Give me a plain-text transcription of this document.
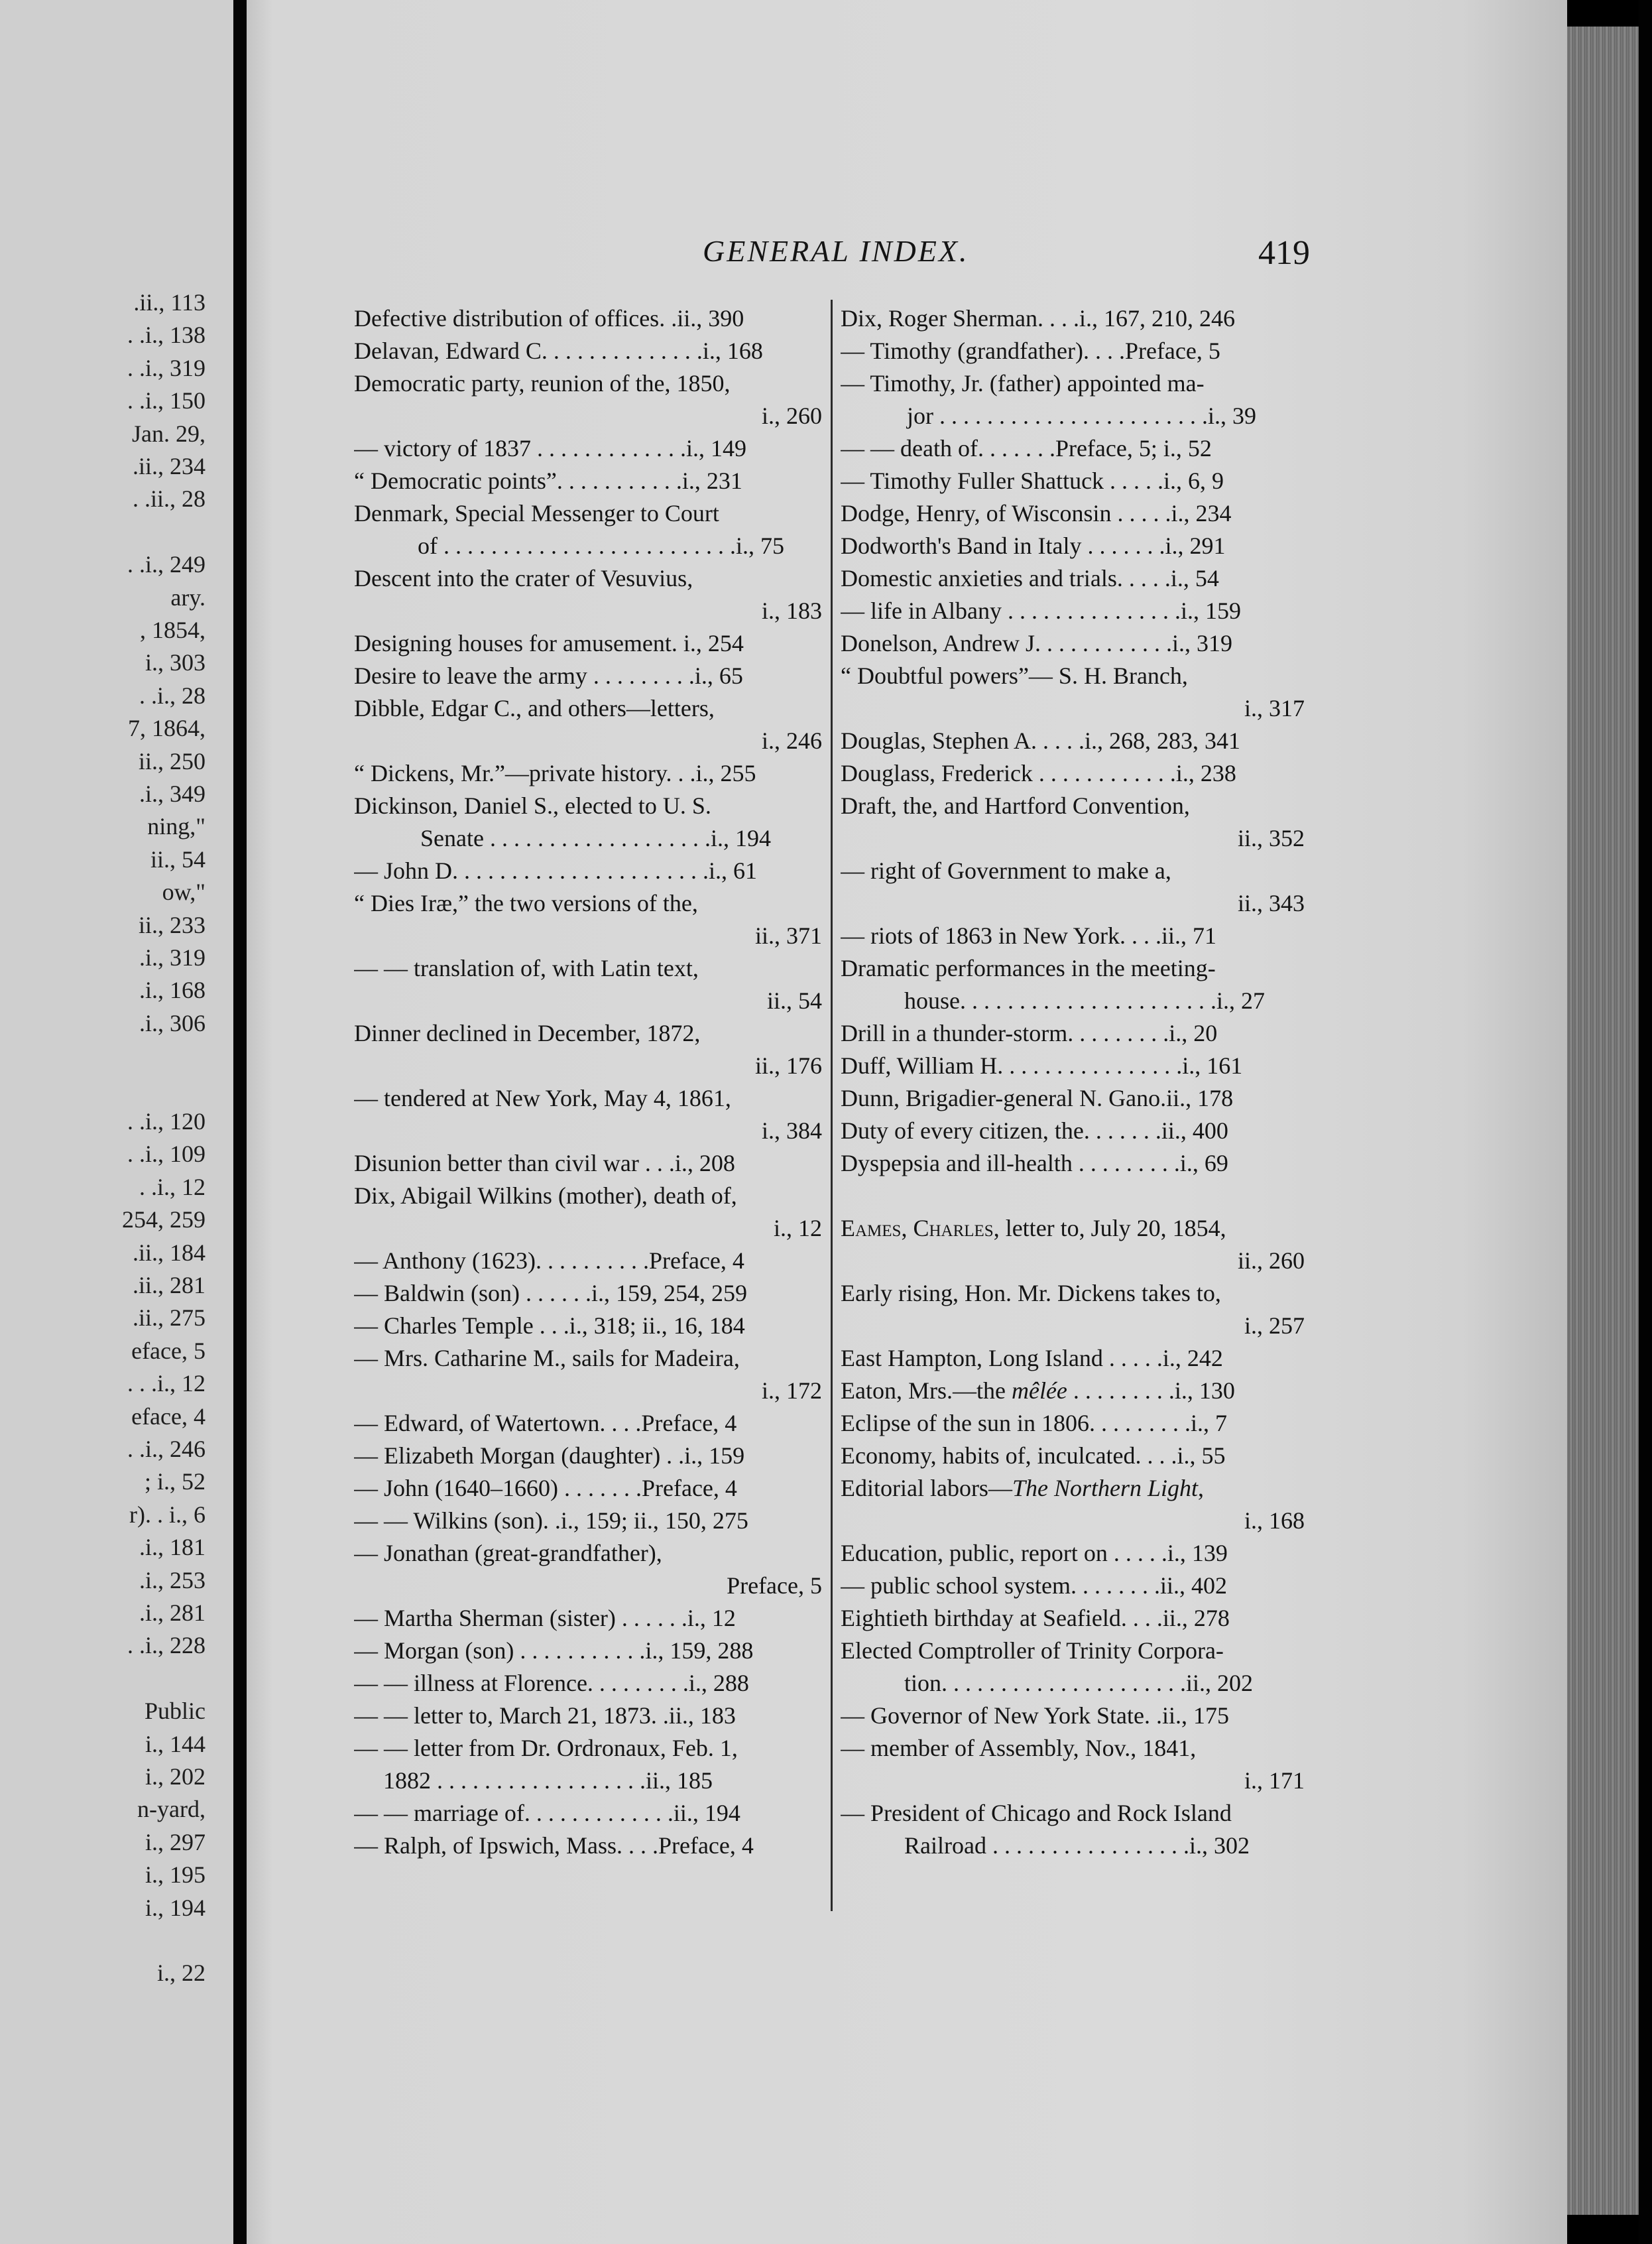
.ii., 113
. .i., 138
. .i., 319
. .i., 150
Jan. 29,
.ii., 234
. .ii., 28
. .i., 249
ary.
, 1854,
i., 303
. .i., 28
7, 1864,
ii., 250
.i., 349
ning,"
ii., 54
ow,"
ii., 233
.i., 319
.i., 168
.i., 306
. .i., 120
. .i., 109
. .i., 12
254, 259
.ii., 184
.ii., 281
.ii., 275
eface, 5
. . .i., 12
eface, 4
. .i., 246
; i., 52
r). . i., 6
.i., 181
.i., 253
.i., 281
. .i., 228
Public
i., 144
i., 202
n-yard,
i., 297
i., 195
i., 194
i., 22
GENERAL INDEX.	419
Defective distribution of offices. .ii., 390
Delavan, Edward C. . . . . . . . . . . . . .i., 168
Democratic party, reunion of the, 1850,
i., 260
— victory of 1837 . . . . . . . . . . . . .i., 149
“ Democratic points”. . . . . . . . . . .i., 231
Denmark, Special Messenger to Court
of . . . . . . . . . . . . . . . . . . . . . . . . .i., 75
Descent into the crater of Vesuvius,
i., 183
Designing houses for amusement. i., 254
Desire to leave the army . . . . . . . . .i., 65
Dibble, Edgar C., and others—letters,
i., 246
“ Dickens, Mr.”—private history. . .i., 255
Dickinson, Daniel S., elected to U. S.
Senate . . . . . . . . . . . . . . . . . . .i., 194
— John D. . . . . . . . . . . . . . . . . . . . . .i., 61
“ Dies Iræ,” the two versions of the,
ii., 371
— — translation of, with Latin text,
ii., 54
Dinner declined in December, 1872,
ii., 176
— tendered at New York, May 4, 1861,
i., 384
Disunion better than civil war . . .i., 208
Dix, Abigail Wilkins (mother), death of,
i., 12
— Anthony (1623). . . . . . . . . .Preface, 4
— Baldwin (son) . . . . . .i., 159, 254, 259
— Charles Temple . . .i., 318; ii., 16, 184
— Mrs. Catharine M., sails for Madeira,
i., 172
— Edward, of Watertown. . . .Preface, 4
— Elizabeth Morgan (daughter) . .i., 159
— John (1640–1660) . . . . . . .Preface, 4
— — Wilkins (son). .i., 159; ii., 150, 275
— Jonathan (great-grandfather),
Preface, 5
— Martha Sherman (sister) . . . . . .i., 12
— Morgan (son) . . . . . . . . . . .i., 159, 288
— — illness at Florence. . . . . . . . .i., 288
— — letter to, March 21, 1873. .ii., 183
— — letter from Dr. Ordronaux, Feb. 1,
1882 . . . . . . . . . . . . . . . . . .ii., 185
— — marriage of. . . . . . . . . . . . .ii., 194
— Ralph, of Ipswich, Mass. . . .Preface, 4
Dix, Roger Sherman. . . .i., 167, 210, 246
— Timothy (grandfather). . . .Preface, 5
— Timothy, Jr. (father) appointed ma-
jor . . . . . . . . . . . . . . . . . . . . . . .i., 39
— — death of. . . . . . .Preface, 5; i., 52
— Timothy Fuller Shattuck . . . . .i., 6, 9
Dodge, Henry, of Wisconsin . . . . .i., 234
Dodworth's Band in Italy . . . . . . .i., 291
Domestic anxieties and trials. . . . .i., 54
— life in Albany . . . . . . . . . . . . . . .i., 159
Donelson, Andrew J. . . . . . . . . . . .i., 319
“ Doubtful powers”— S. H. Branch,
i., 317
Douglas, Stephen A. . . . .i., 268, 283, 341
Douglass, Frederick . . . . . . . . . . . .i., 238
Draft, the, and Hartford Convention,
ii., 352
— right of Government to make a,
ii., 343
— riots of 1863 in New York. . . .ii., 71
Dramatic performances in the meeting-
house. . . . . . . . . . . . . . . . . . . . . .i., 27
Drill in a thunder-storm. . . . . . . . .i., 20
Duff, William H. . . . . . . . . . . . . . . .i., 161
Dunn, Brigadier-general N. Gano.ii., 178
Duty of every citizen, the. . . . . . .ii., 400
Dyspepsia and ill-health . . . . . . . . .i., 69
Eames, Charles, letter to, July 20, 1854,
ii., 260
Early rising, Hon. Mr. Dickens takes to,
i., 257
East Hampton, Long Island . . . . .i., 242
Eaton, Mrs.—the mêlée . . . . . . . . .i., 130
Eclipse of the sun in 1806. . . . . . . . .i., 7
Economy, habits of, inculcated. . . .i., 55
Editorial labors—The Northern Light,
i., 168
Education, public, report on . . . . .i., 139
— public school system. . . . . . . .ii., 402
Eightieth birthday at Seafield. . . .ii., 278
Elected Comptroller of Trinity Corpora-
tion. . . . . . . . . . . . . . . . . . . . .ii., 202
— Governor of New York State. .ii., 175
— member of Assembly, Nov., 1841,
i., 171
— President of Chicago and Rock Island
Railroad . . . . . . . . . . . . . . . . .i., 302
